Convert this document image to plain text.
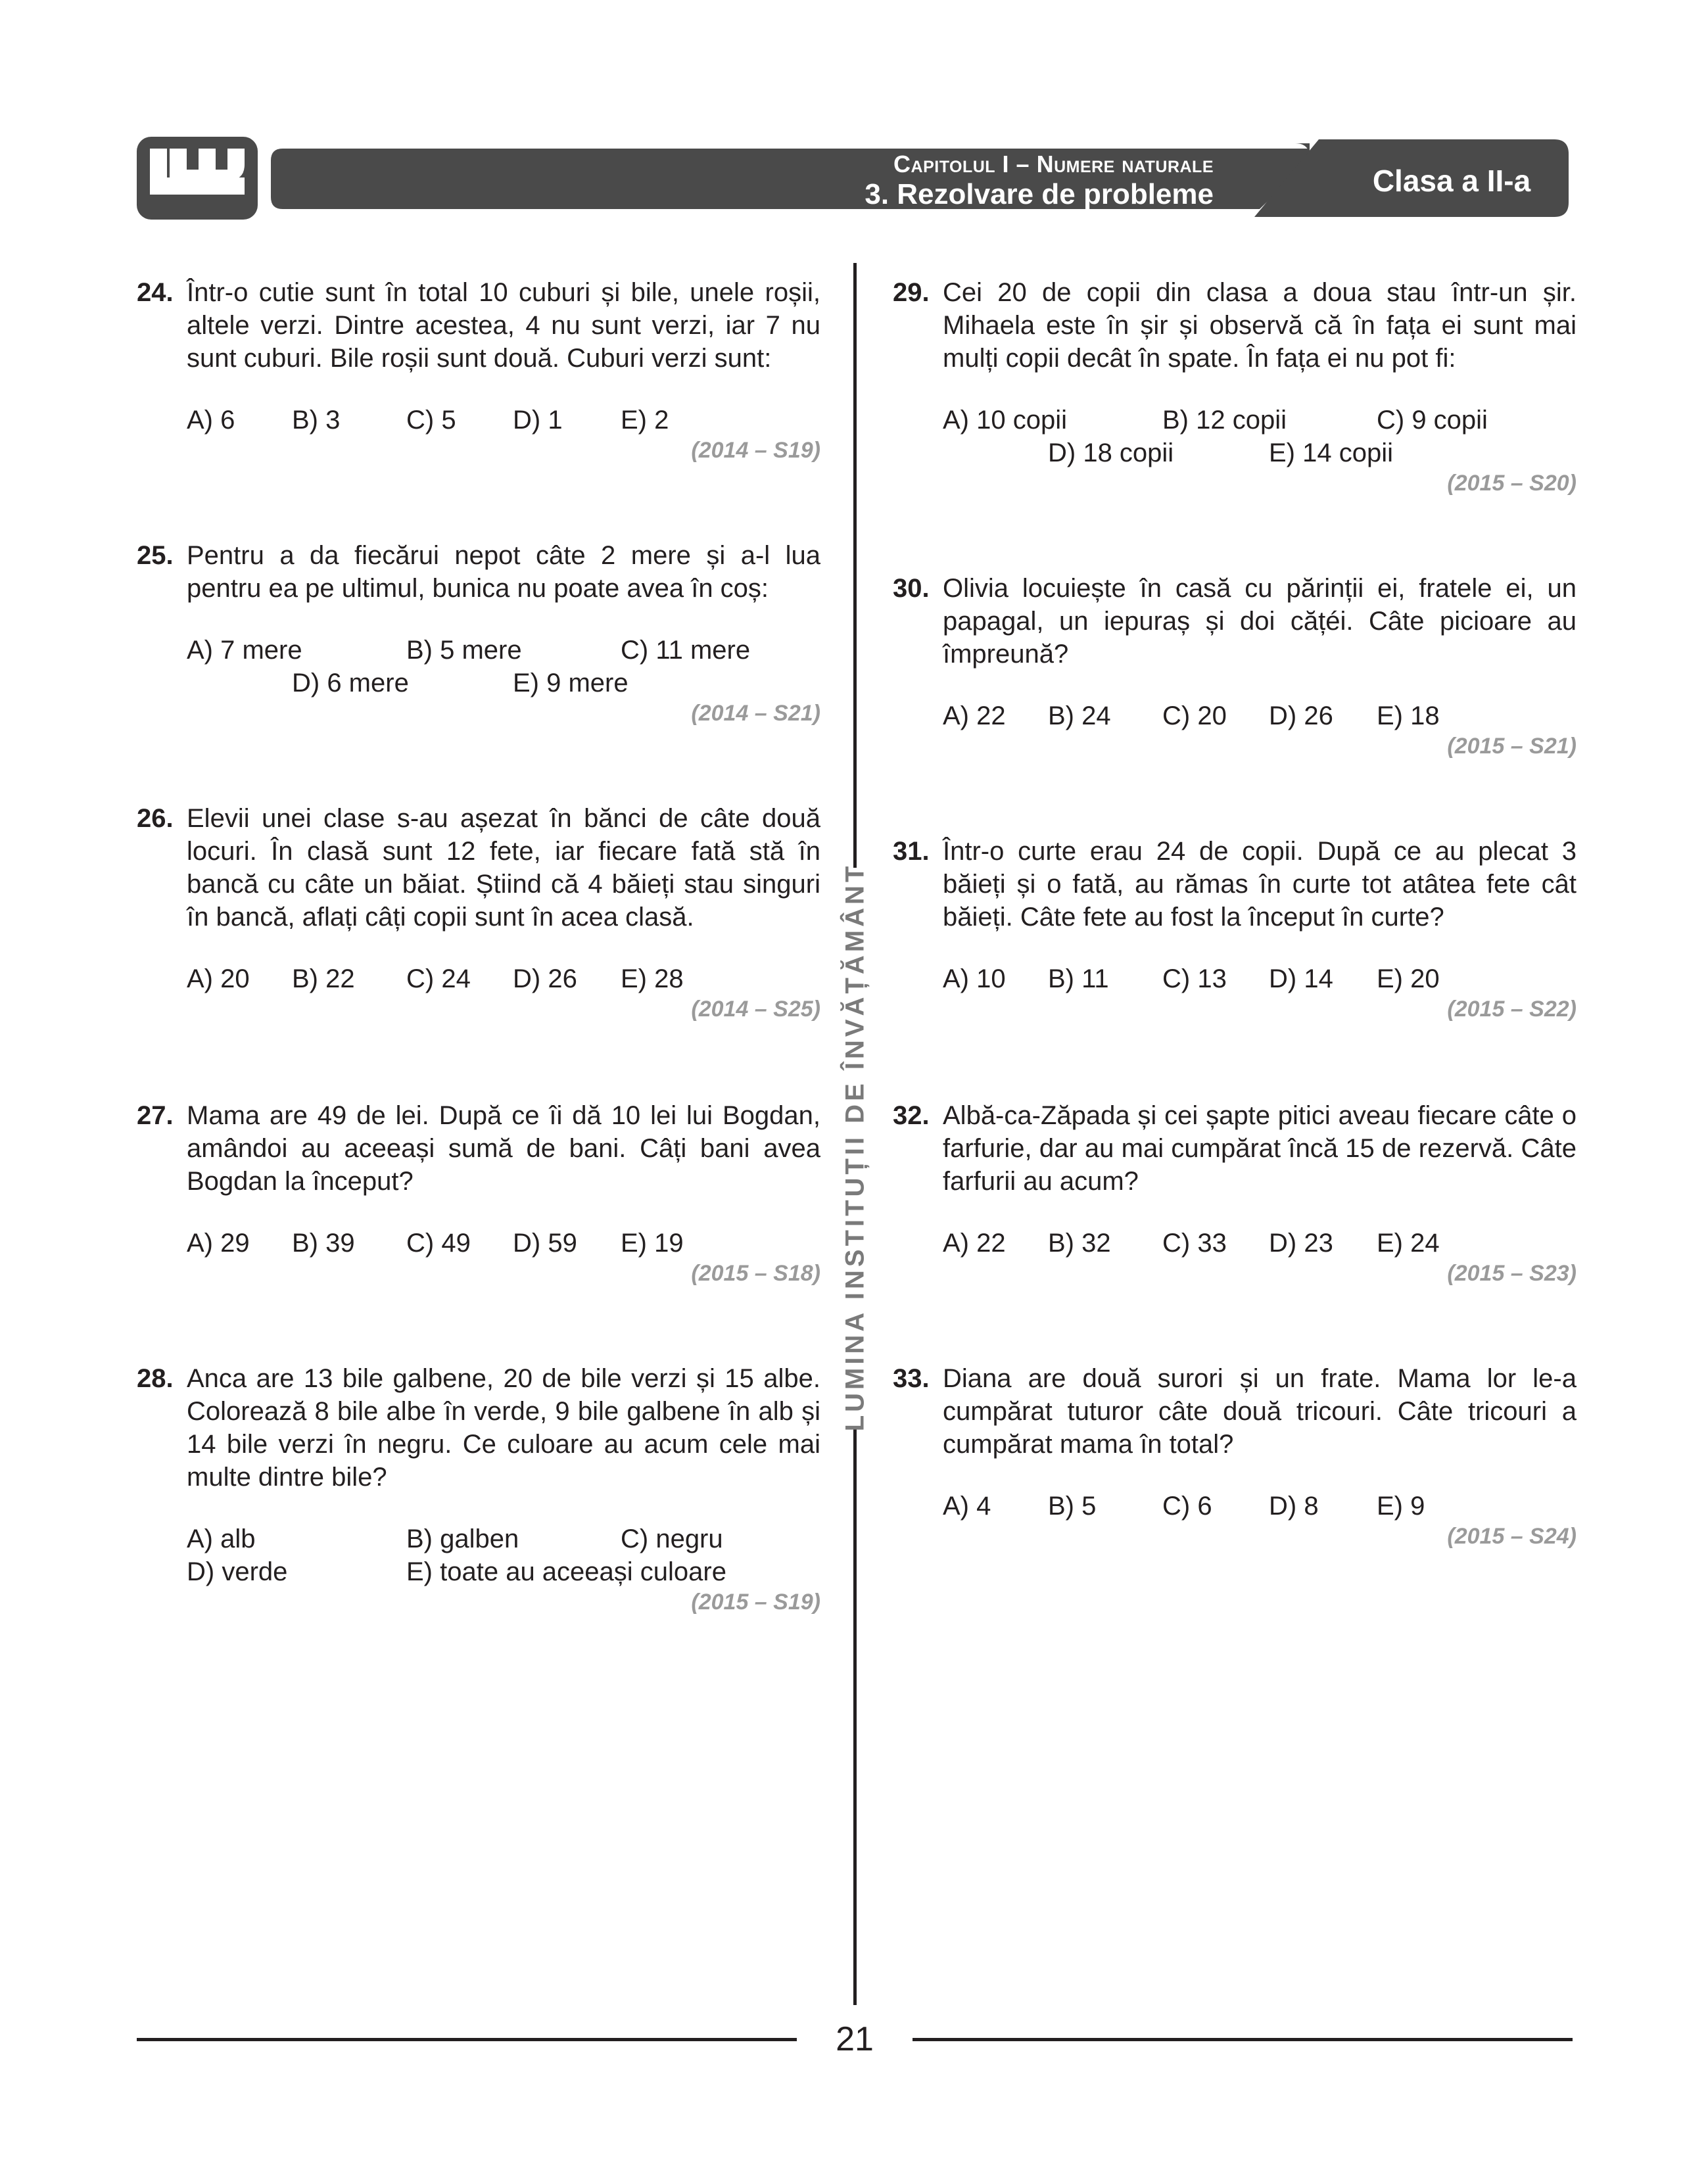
Capitolul I – Numere naturale
3. Rezolvare de probleme	Clasa a II-a
24. Într-o cutie sunt în total 10 cuburi și bile, unele roșii, altele verzi. Dintre acestea, 4 nu sunt verzi, iar 7 nu sunt cuburi. Bile roșii sunt două. Cuburi verzi sunt:
A) 6 B) 3	C) 5 D) 1 E) 2
(2014 – S19)
25. Pentru a da fiecărui nepot câte 2 mere și a-l lua pentru ea pe ultimul, bunica nu poate avea în coș:
A) 7 mere	B) 5 mere	C) 11 mere
D) 6 mere	E) 9 mere
(2014 – S21)
26. Elevii unei clase s-au așezat în bănci de câte două locuri. În clasă sunt 12 fete, iar fiecare fată stă în bancă cu câte un băiat. Știind că 4 băieți stau singuri în bancă, aflați câți copii sunt în acea clasă.
A) 20 B) 22 C) 24 D) 26 E) 28
(2014 – S25)
27. Mama are 49 de lei. După ce îi dă 10 lei lui Bogdan, amândoi au aceeași sumă de bani. Câți bani avea Bogdan la început?
A) 29 B) 39 C) 49 D) 59 E) 19
(2015 – S18)
28. Anca are 13 bile galbene, 20 de bile verzi și 15 albe. Colorează 8 bile albe în verde, 9 bile galbene în alb și 14 bile verzi în negru. Ce culoare au acum cele mai multe dintre bile?
A) alb	B) galben	C) negru
D) verde	E) toate au aceeași culoare
(2015 – S19)
LUMINA INSTITUȚII DE ÎNVĂȚĂMÂNT
29. Cei 20 de copii din clasa a doua stau într-un șir. Mihaela este în șir și observă că în fața ei sunt mai mulți copii decât în spate. În fața ei nu pot fi:
A) 10 copii	B) 12 copii	C) 9 copii
D) 18 copii	E) 14 copii
(2015 – S20)
30. Olivia locuiește în casă cu părinții ei, fratele ei, un papagal, un iepuraș și doi cățéi. Câte picioare au împreună?
A) 22 B) 24 C) 20 D) 26 E) 18
(2015 – S21)
31. Într-o curte erau 24 de copii. După ce au plecat 3 băieți și o fată, au rămas în curte tot atâtea fete cât băieți. Câte fete au fost la început în curte?
A) 10 B) 11 C) 13 D) 14 E) 20
(2015 – S22)
32. Albă-ca-Zăpada și cei șapte pitici aveau fiecare câte o farfurie, dar au mai cumpărat încă 15 de rezervă. Câte farfurii au acum?
A) 22 B) 32 C) 33 D) 23 E) 24
(2015 – S23)
33. Diana are două surori și un frate. Mama lor le-a cumpărat tuturor câte două tricouri. Câte tricouri a cumpărat mama în total?
A) 4 B) 5	C) 6 D) 8 E) 9
(2015 – S24)
21
